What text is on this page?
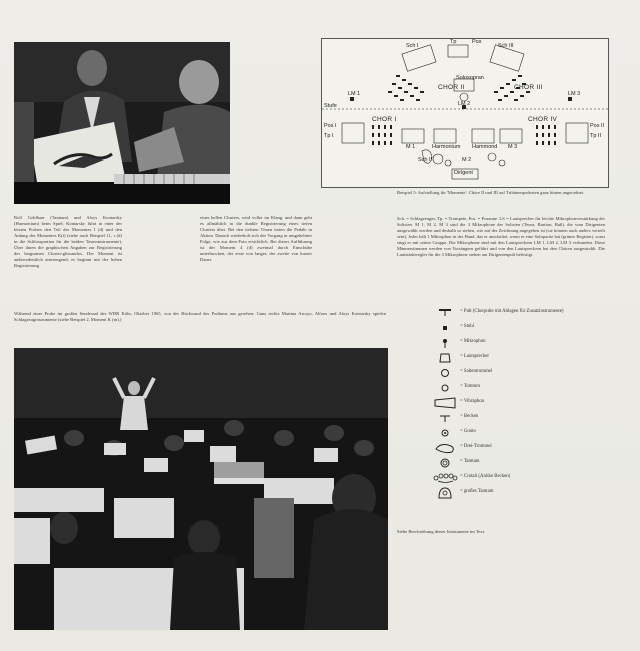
Rolf Gehlhaar (Tamtam) und Aloys Kontarsky (Harmonium) beim Spiel; Kontarsky führt in einer der letzten Proben den Teil des Momentes I (d) und den Anfang des Momentes K(t) (siehe auch Beispiel 11, r (d) in die Schlusspartien für die beiden Tasteninstrumente). Über ihnen die graphischen Angaben zur Registrierung des langsamen Cluster-glissandos. Der Moment ist außerordentlich anstrengend; es beginnt mit der hohen Registrierung

eines hellen Clusters, wird voller im Klang, und dann geht es allmählich in die dunkle Registrierung eines tiefen Clusters über. Bei den tiefsten Tönen treten die Pedale in Aktion. Danach wiederholt sich der Vorgang in umgekehrter Folge, wie aus dem Foto ersichtlich. Bei dieser Aufführung ist der Moment 4 (d) zweimal durch Einschübe unterbrochen, der erste von langer, der zweite von kurzer Dauer.

CHOR II	CHOR III
CHOR I	CHOR IV
LM 1	LM 3
LM 2
Stufe
Dirigent
Solosopran
Pos I
Tp I
Pos II
Tp II
Sch I
Sch II
Sch III
Tp	Pos
Harmonium Hammond
M 1
M 2
M 3

Beispiel 5: Aufstellung für 'Momente': Chöre II und III auf Tribünenpodesten ganz hinten angeordnet.

Sch. = Schlagzeuger, Tp. = Trompete, Pos. = Posaune. LS = Lautsprecher für leichte Mikrophonverstärkung der Solisten. M 1, M 2, M 3 sind die 3 Mikrophone der Solisten (Tenor, Bariton, Baß), die vom Dirigenten ausgewählt werden und deshalb so stehen, wie auf der Zeichnung angegeben ist (sie können auch anders verteilt sein). Jeder hält 1 Mikrophon in der Hand, das er anschaltet, wenn er eine Solopartie hat (grünes Register), sonst singt er mit seiner Gruppe. Die Mikrophone sind mit den Lautsprechern LM 1, LM 2, LM 3 verbunden. Diese Männerstimmen werden von Vorsängern geführt und von den Lautsprechern bei den Chören ausgestrahlt. Die Lautstärkeregler für die 3 Mikrophone stehen am Dirigentenpult befestigt.

Während einer Probe im großen Sendesaal des WDR Köln, Oktober 1965, von der Rückwand des Podiums aus gesehen: Ganz rechts Martina Arroyo, Alfons und Aloys Kontarsky spielen Schlagzeuginstrumente (siehe Beispiel 2, Moment K (m).)

= Pult (Chorpulte mit Ablagen für Zusatzinstrumente)
= Stuhl
= Mikrophon
= Lautsprecher
= Saitentrommel
= Tomtom
= Vibraphon
= Becken
= Gonto
= Drei-Trommel
= Tamtam
= Crotali (Antike Becken)
= großes Tamtam

Siehe Beschreibung dieser Instrumente im Text.
